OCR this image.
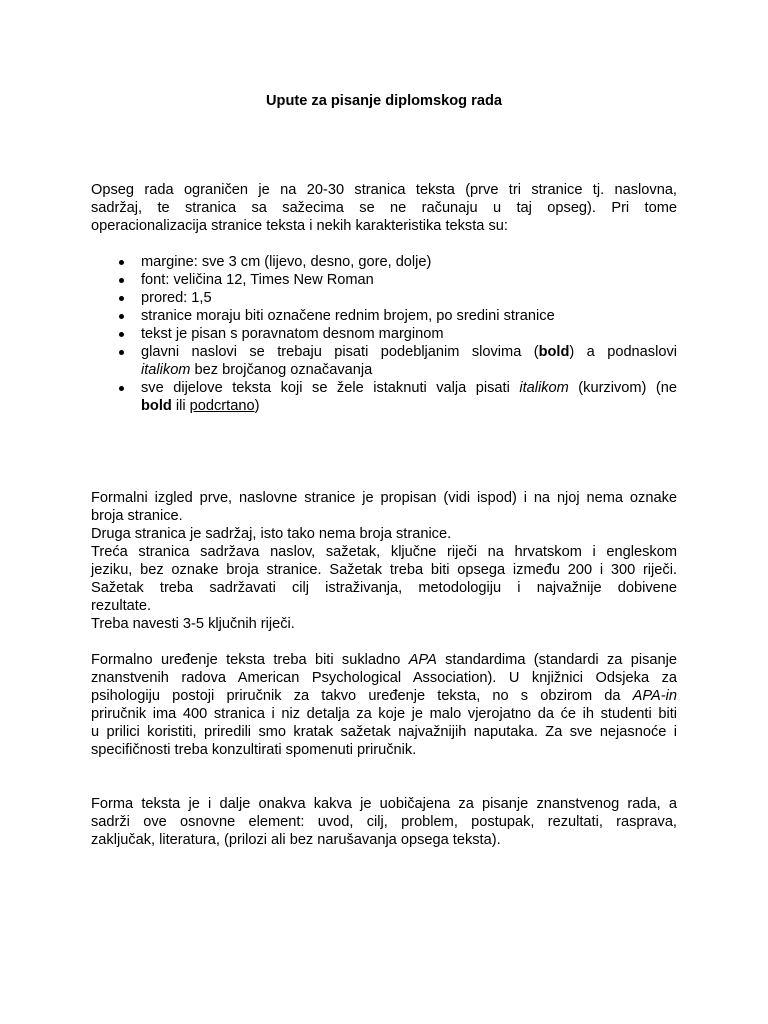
Upute za pisanje diplomskog rada
Opseg rada ograničen je na 20-30 stranica teksta (prve tri stranice tj. naslovna,
sadržaj, te stranica sa sažecima se ne računaju u taj opseg). Pri tome
operacionalizacija stranice teksta i nekih karakteristika teksta su:
margine: sve 3 cm (lijevo, desno, gore, dolje)
font: veličina 12, Times New Roman
prored: 1,5
stranice moraju biti označene rednim brojem, po sredini stranice
tekst je pisan s poravnatom desnom marginom
glavni naslovi se trebaju pisati podebljanim slovima (bold) a podnaslovi
italikom bez brojčanog označavanja
sve dijelove teksta koji se žele istaknuti valja pisati italikom (kurzivom) (ne
bold ili podcrtano)
Formalni izgled prve, naslovne stranice je propisan (vidi ispod) i na njoj nema oznake
broja stranice.
Druga stranica je sadržaj, isto tako nema broja stranice.
Treća stranica sadržava naslov, sažetak, ključne riječi na hrvatskom i engleskom
jeziku, bez oznake broja stranice. Sažetak treba biti opsega između 200 i 300 riječi.
Sažetak treba sadržavati cilj istraživanja, metodologiju i najvažnije dobivene
rezultate.
Treba navesti 3-5 ključnih riječi.
Formalno uređenje teksta treba biti sukladno APA standardima (standardi za pisanje
znanstvenih radova American Psychological Association). U knjižnici Odsjeka za
psihologiju postoji priručnik za takvo uređenje teksta, no s obzirom da APA-in
priručnik ima 400 stranica i niz detalja za koje je malo vjerojatno da će ih studenti biti
u prilici koristiti, priredili smo kratak sažetak najvažnijih naputaka. Za sve nejasnoće i
specifičnosti treba konzultirati spomenuti priručnik.
Forma teksta je i dalje onakva kakva je uobičajena za pisanje znanstvenog rada, a
sadrži ove osnovne element: uvod, cilj, problem, postupak, rezultati, rasprava,
zaključak, literatura, (prilozi ali bez narušavanja opsega teksta).
